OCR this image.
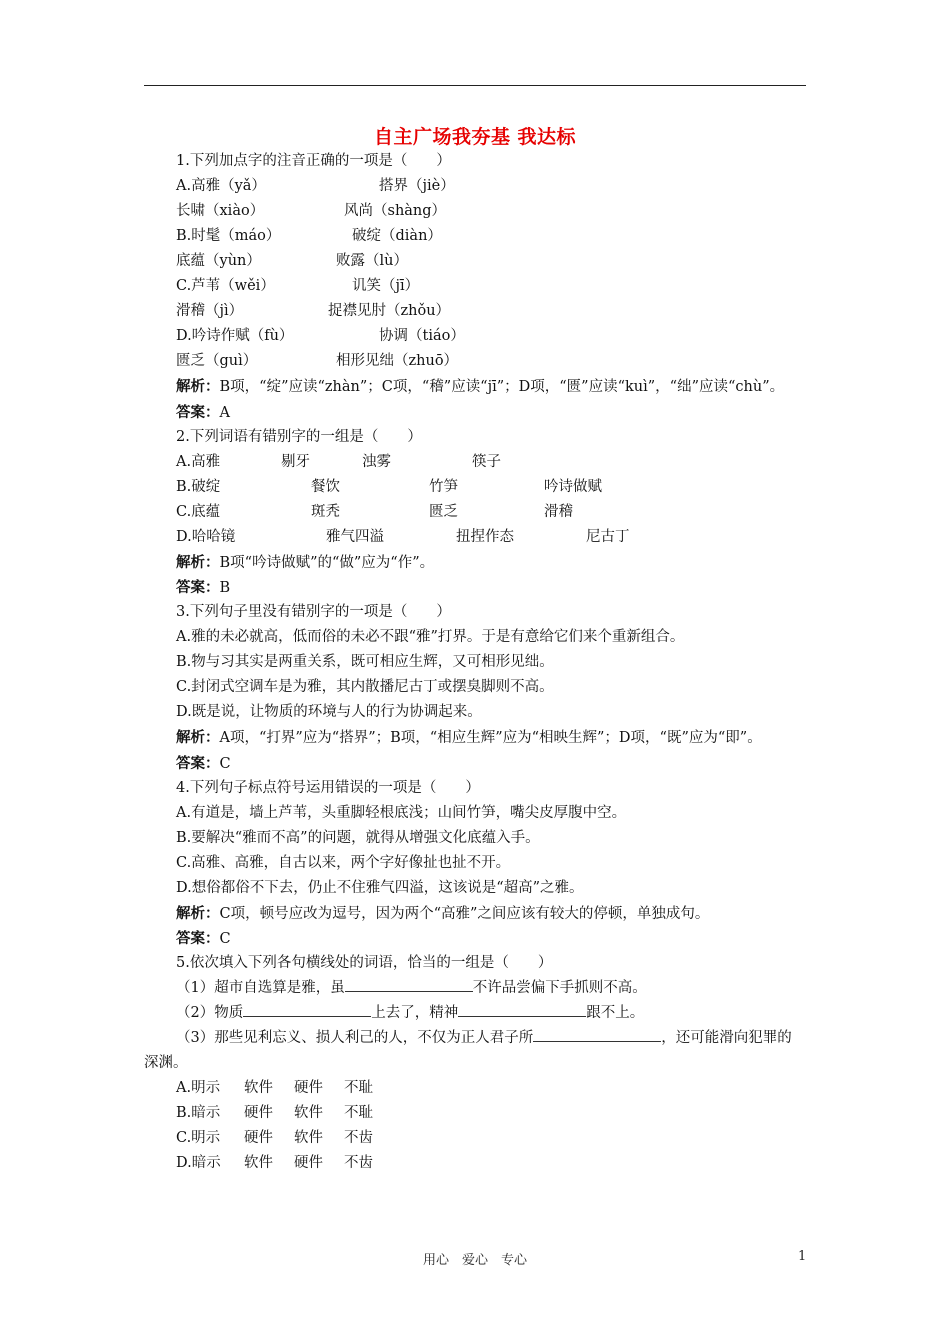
自主广场我夯基 我达标
1.下列加点字的注音正确的一项是（　　）
A.高雅（yǎ）	搭界（jiè）
长啸（xiào）	风尚（shàng）
B.时髦（máo）	破绽（diàn）
底蕴（yùn）	败露（lù）
C.芦苇（wěi）	讥笑（jī）
滑稽（jì）	捉襟见肘（zhǒu）
D.吟诗作赋（fù）	协调（tiáo）
匮乏（guì）	相形见绌（zhuō）
解析：B项，“绽”应读“zhàn”；C项，“稽”应读“jī”；D项，“匮”应读“kuì”，“绌”应读“chù”。
答案：A
2.下列词语有错别字的一组是（　　）
A.高雅	剔牙	浊雾	筷子
B.破绽	餐饮	竹笋	吟诗做赋
C.底蕴	斑秃	匮乏	滑稽
D.哈哈镜	雅气四溢	扭捏作态	尼古丁
解析：B项“吟诗做赋”的“做”应为“作”。
答案：B
3.下列句子里没有错别字的一项是（　　）
A.雅的未必就高，低而俗的未必不跟“雅”打界。于是有意给它们来个重新组合。
B.物与习其实是两重关系，既可相应生辉，又可相形见绌。
C.封闭式空调车是为雅，其内散播尼古丁或摆臭脚则不高。
D.既是说，让物质的环境与人的行为协调起来。
解析：A项，“打界”应为“搭界”；B项，“相应生辉”应为“相映生辉”；D项，“既”应为“即”。
答案：C
4.下列句子标点符号运用错误的一项是（　　）
A.有道是，墙上芦苇，头重脚轻根底浅；山间竹笋，嘴尖皮厚腹中空。
B.要解决“雅而不高”的问题，就得从增强文化底蕴入手。
C.高雅、高雅，自古以来，两个字好像扯也扯不开。
D.想俗都俗不下去，仍止不住雅气四溢，这该说是“超高”之雅。
解析：C项，顿号应改为逗号，因为两个“高雅”之间应该有较大的停顿，单独成句。
答案：C
5.依次填入下列各句横线处的词语，恰当的一组是（　　）
（1）超市自选算是雅，虽	不许品尝偏下手抓则不高。
（2）物质	上去了，精神	跟不上。
（3）那些见利忘义、损人利己的人，不仅为正人君子所	，还可能滑向犯罪的深渊。
A.明示 软件 硬件 不耻
B.暗示 硬件 软件 不耻
C.明示 硬件 软件 不齿
D.暗示 软件 硬件 不齿
用心　爱心　专心	1
